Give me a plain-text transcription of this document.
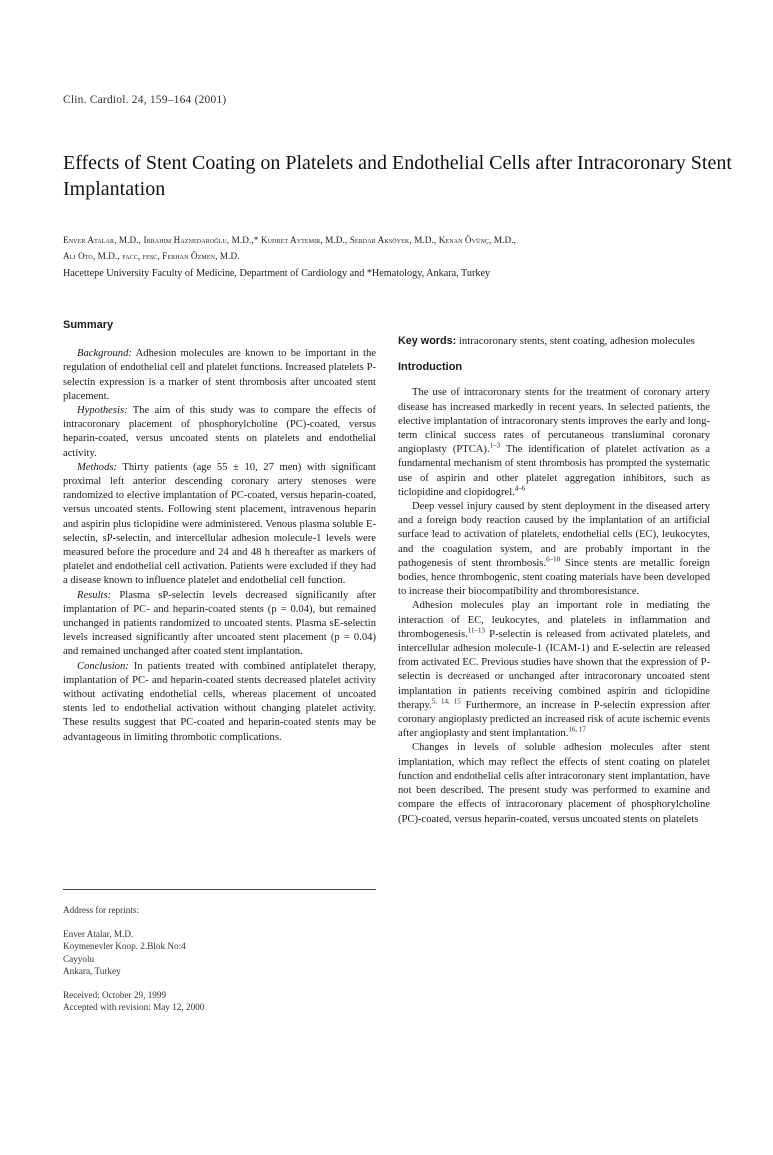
Clin. Cardiol. 24, 159–164 (2001)
Effects of Stent Coating on Platelets and Endothelial Cells after Intracoronary Stent Implantation
Enver Atalar, M.D., Ibrahim Haznedaroğlu, M.D.,* Kudret Aytemir, M.D., Serdar Aksöyek, M.D., Kenan Övünç, M.D.,
Ali Oto, M.D., facc, fesc, Ferhan Özmen, M.D.
Hacettepe University Faculty of Medicine, Department of Cardiology and *Hematology, Ankara, Turkey
Summary

Background: Adhesion molecules are known to be important in the regulation of endothelial cell and platelet functions. Increased platelets P-selectin expression is a marker of stent thrombosis after uncoated stent placement.

Hypothesis: The aim of this study was to compare the effects of intracoronary placement of phosphorylcholine (PC)-coated, versus heparin-coated, versus uncoated stents on platelets and endothelial activity.

Methods: Thirty patients (age 55 ± 10, 27 men) with significant proximal left anterior descending coronary artery stenoses were randomized to elective implantation of PC-coated, versus heparin-coated, versus uncoated stents. Following stent placement, intravenous heparin and aspirin plus ticlopidine were administered. Venous plasma soluble E-selectin, sP-selectin, and intercellular adhesion molecule-1 levels were measured before the procedure and 24 and 48 h thereafter as markers of platelet and endothelial cell activation. Patients were excluded if they had a disease known to influence platelet and endothelial cell function.

Results: Plasma sP-selectin levels decreased significantly after implantation of PC- and heparin-coated stents (p = 0.04), but remained unchanged in patients randomized to uncoated stents. Plasma sE-selectin levels increased significantly after uncoated stent placement (p = 0.04) and remained unchanged after coated stent implantation.

Conclusion: In patients treated with combined antiplatelet therapy, implantation of PC- and heparin-coated stents decreased platelet activity without activating endothelial cells, whereas placement of uncoated stents led to endothelial activation without changing platelet activity. These results suggest that PC-coated and heparin-coated stents may be advantageous in limiting thrombotic complications.

Key words: intracoronary stents, stent coating, adhesion molecules
Introduction

The use of intracoronary stents for the treatment of coronary artery disease has increased markedly in recent years. In selected patients, the elective implantation of intracoronary stents improves the early and long-term clinical success rates of percutaneous transluminal coronary angioplasty (PTCA).$^{1-3}$ The identification of platelet activation as a fundamental mechanism of stent thrombosis has prompted the systematic use of aspirin and other platelet aggregation inhibitors, such as ticlopidine and clopidogrel.$^{4-6}$

Deep vessel injury caused by stent deployment in the diseased artery and a foreign body reaction caused by the implantation of an artificial surface lead to activation of platelets, endothelial cells (EC), leukocytes, and the coagulation system, and are probably important in the pathogenesis of stent thrombosis.$^{6-10}$ Since stents are metallic foreign bodies, hence thrombogenic, stent coating materials have been developed to increase their biocompatibility and thromboresistance.

Adhesion molecules play an important role in mediating the interaction of EC, leukocytes, and platelets in inflammation and thrombogenesis.$^{11-13}$ P-selectin is released from activated platelets, and intercellular adhesion molecule-1 (ICAM-1) and E-selectin are released from activated EC. Previous studies have shown that the expression of P-selectin is decreased or unchanged after intracoronary uncoated stent implantation in patients receiving combined aspirin and ticlopidine therapy.$^{5, 14, 15}$ Furthermore, an increase in P-selectin expression after coronary angioplasty predicted an increased risk of acute ischemic events after angioplasty and stent implantation.$^{16, 17}$

Changes in levels of soluble adhesion molecules after stent implantation, which may reflect the effects of stent coating on platelet function and endothelial cells after intracoronary stent implantation, have not been described. The present study was performed to examine and compare the effects of intracoronary placement of phosphorylcholine (PC)-coated, versus heparin-coated, versus uncoated stents on platelets

Address for reprints:
Enver Atalar, M.D.
Koymenevler Koop. 2.Blok No:4
Cayyolu
Ankara, Turkey
Received: October 29, 1999
Accepted with revision: May 12, 2000
